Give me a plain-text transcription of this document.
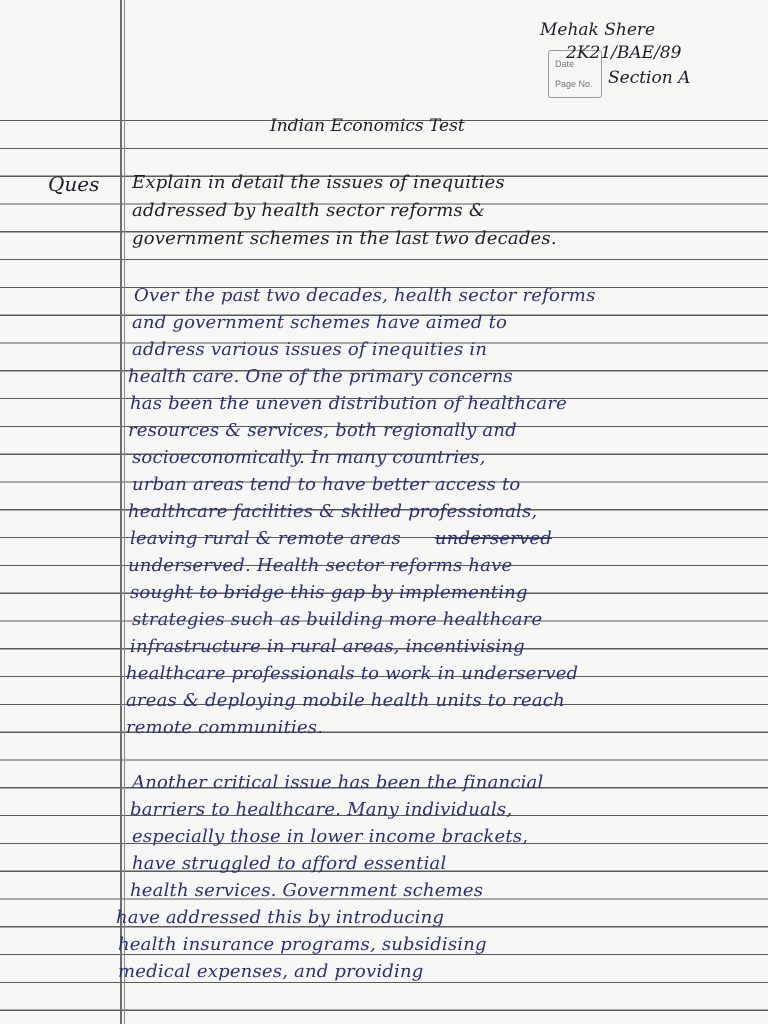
Date
Page No.
Mehak Shere
2K21/BAE/89
Section A
Indian Economics Test
Ques Explain in detail the issues of inequities
addressed by health sector reforms &
government schemes in the last two decades.
Over the past two decades, health sector reforms
and government schemes have aimed to
address various issues of inequities in
health care. One of the primary concerns
has been the uneven distribution of healthcare
resources & services, both regionally and
socioeconomically. In many countries,
urban areas tend to have better access to
healthcare facilities & skilled professionals,
leaving rural & remote areas underserved
underserved. Health sector reforms have
sought to bridge this gap by implementing
strategies such as building more healthcare
infrastructure in rural areas, incentivising
healthcare professionals to work in underserved
areas & deploying mobile health units to reach
remote communities.
Another critical issue has been the financial
barriers to healthcare. Many individuals,
especially those in lower income brackets,
have struggled to afford essential
health services. Government schemes
have addressed this by introducing
health insurance programs, subsidising
medical expenses, and providing
